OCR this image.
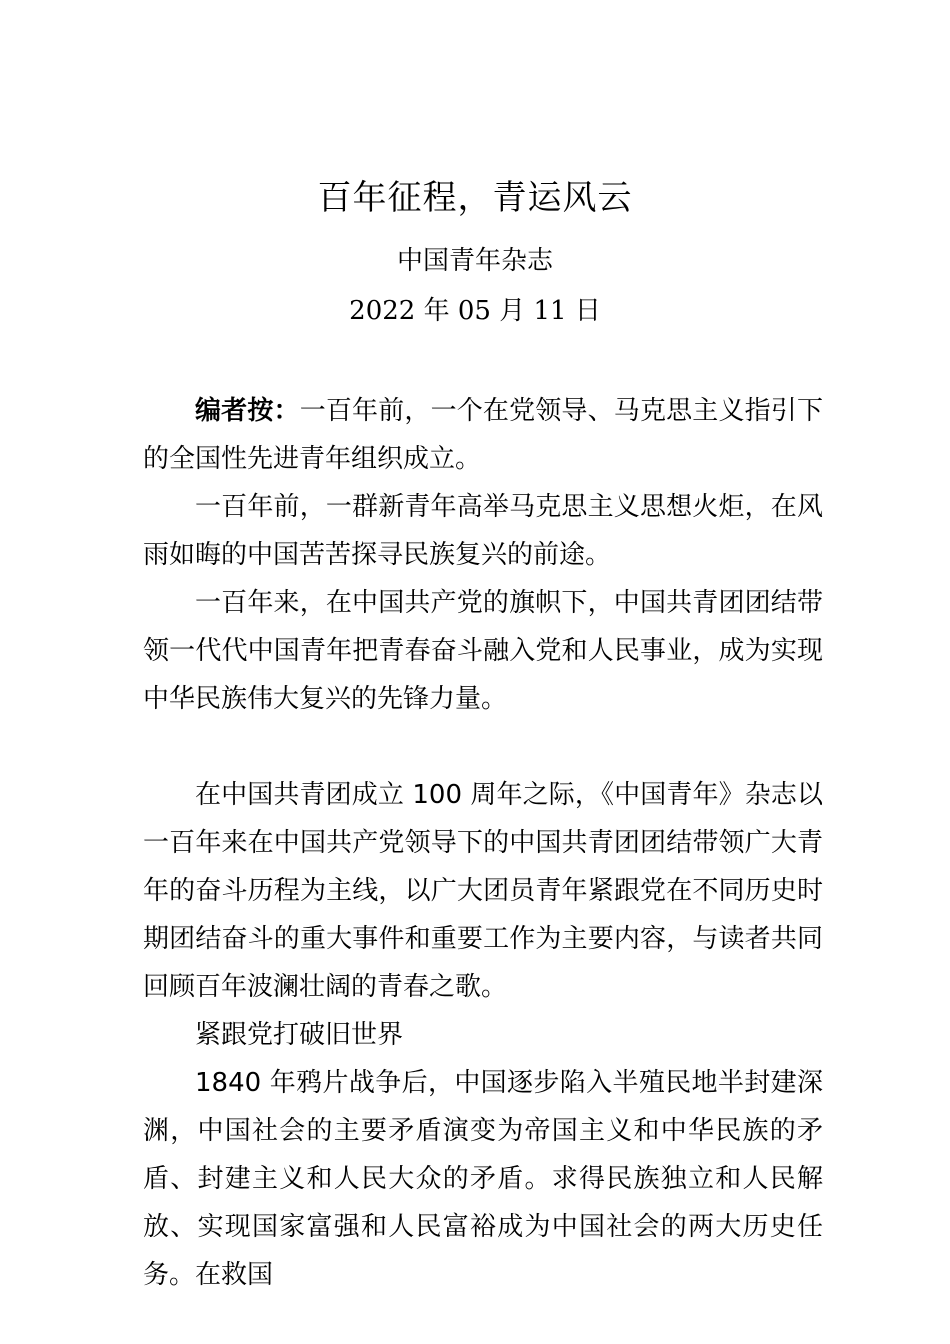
百年征程，青运风云
中国青年杂志
2022 年 05 月 11 日

编者按：一百年前，一个在党领导、马克思主义指引下的全国性先进青年组织成立。

一百年前，一群新青年高举马克思主义思想火炬，在风雨如晦的中国苦苦探寻民族复兴的前途。

一百年来，在中国共产党的旗帜下，中国共青团团结带领一代代中国青年把青春奋斗融入党和人民事业，成为实现中华民族伟大复兴的先锋力量。

在中国共青团成立 100 周年之际，《中国青年》杂志以一百年来在中国共产党领导下的中国共青团团结带领广大青年的奋斗历程为主线，以广大团员青年紧跟党在不同历史时期团结奋斗的重大事件和重要工作为主要内容，与读者共同回顾百年波澜壮阔的青春之歌。

紧跟党打破旧世界

1840 年鸦片战争后，中国逐步陷入半殖民地半封建深渊，中国社会的主要矛盾演变为帝国主义和中华民族的矛盾、封建主义和人民大众的矛盾。求得民族独立和人民解放、实现国家富强和人民富裕成为中国社会的两大历史任务。在救国
